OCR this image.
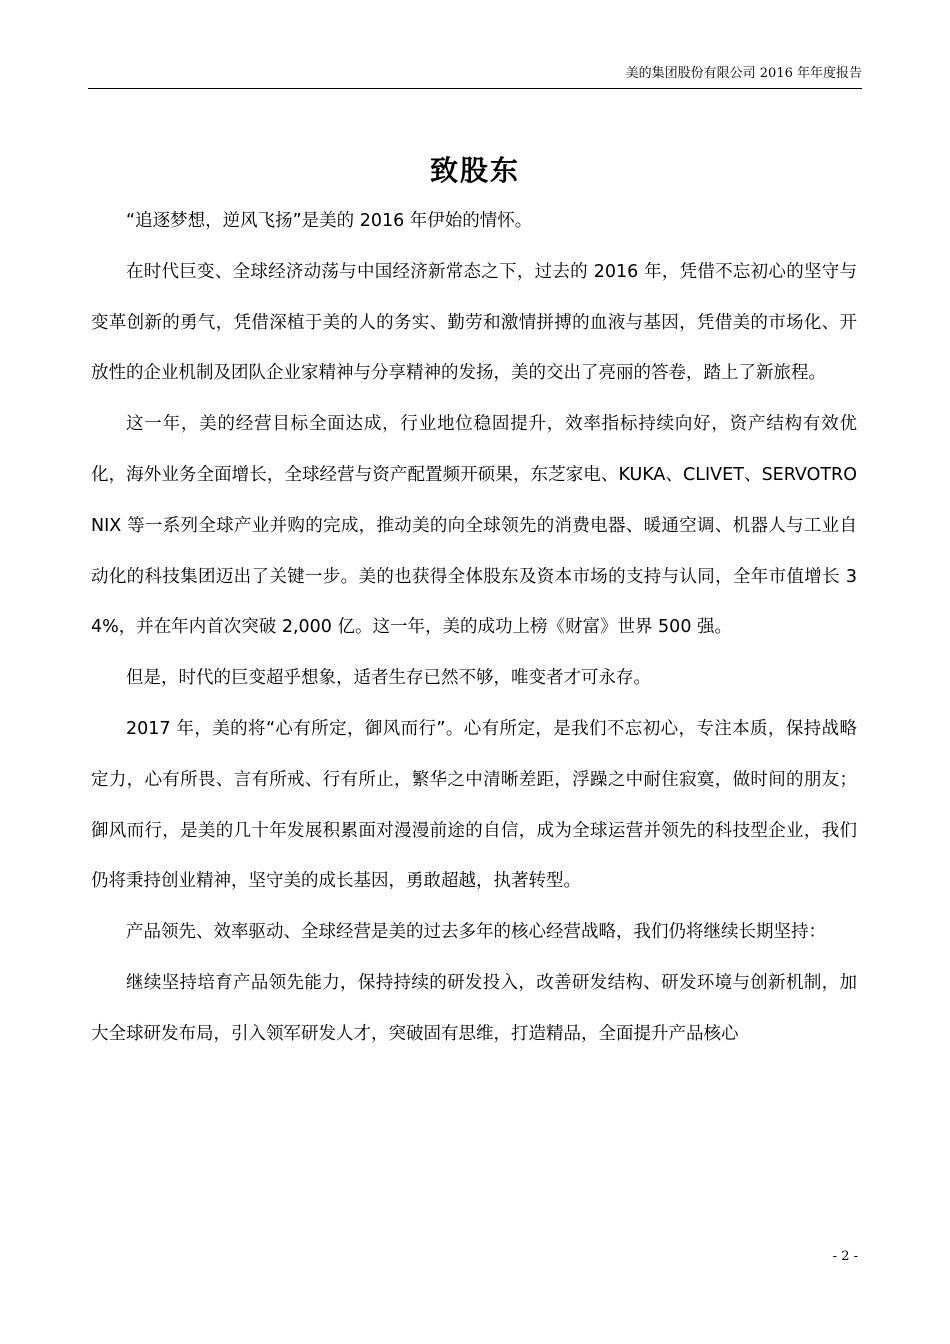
美的集团股份有限公司 2016 年年度报告
致股东

“追逐梦想，逆风飞扬”是美的 2016 年伊始的情怀。

在时代巨变、全球经济动荡与中国经济新常态之下，过去的 2016 年，凭借不忘初心的坚守与变革创新的勇气，凭借深植于美的人的务实、勤劳和激情拼搏的血液与基因，凭借美的市场化、开放性的企业机制及团队企业家精神与分享精神的发扬，美的交出了亮丽的答卷，踏上了新旅程。

这一年，美的经营目标全面达成，行业地位稳固提升，效率指标持续向好，资产结构有效优化，海外业务全面增长，全球经营与资产配置频开硕果，东芝家电、KUKA、CLIVET、SERVOTRONIX 等一系列全球产业并购的完成，推动美的向全球领先的消费电器、暖通空调、机器人与工业自动化的科技集团迈出了关键一步。美的也获得全体股东及资本市场的支持与认同，全年市值增长 34%，并在年内首次突破 2,000 亿。这一年，美的成功上榜《财富》世界 500 强。

但是，时代的巨变超乎想象，适者生存已然不够，唯变者才可永存。

2017 年，美的将“心有所定，御风而行”。心有所定，是我们不忘初心，专注本质，保持战略定力，心有所畏、言有所戒、行有所止，繁华之中清晰差距，浮躁之中耐住寂寞，做时间的朋友；御风而行，是美的几十年发展积累面对漫漫前途的自信，成为全球运营并领先的科技型企业，我们仍将秉持创业精神，坚守美的成长基因，勇敢超越，执著转型。

产品领先、效率驱动、全球经营是美的过去多年的核心经营战略，我们仍将继续长期坚持：

继续坚持培育产品领先能力，保持持续的研发投入，改善研发结构、研发环境与创新机制，加大全球研发布局，引入领军研发人才，突破固有思维，打造精品，全面提升产品核心

- 2 -
